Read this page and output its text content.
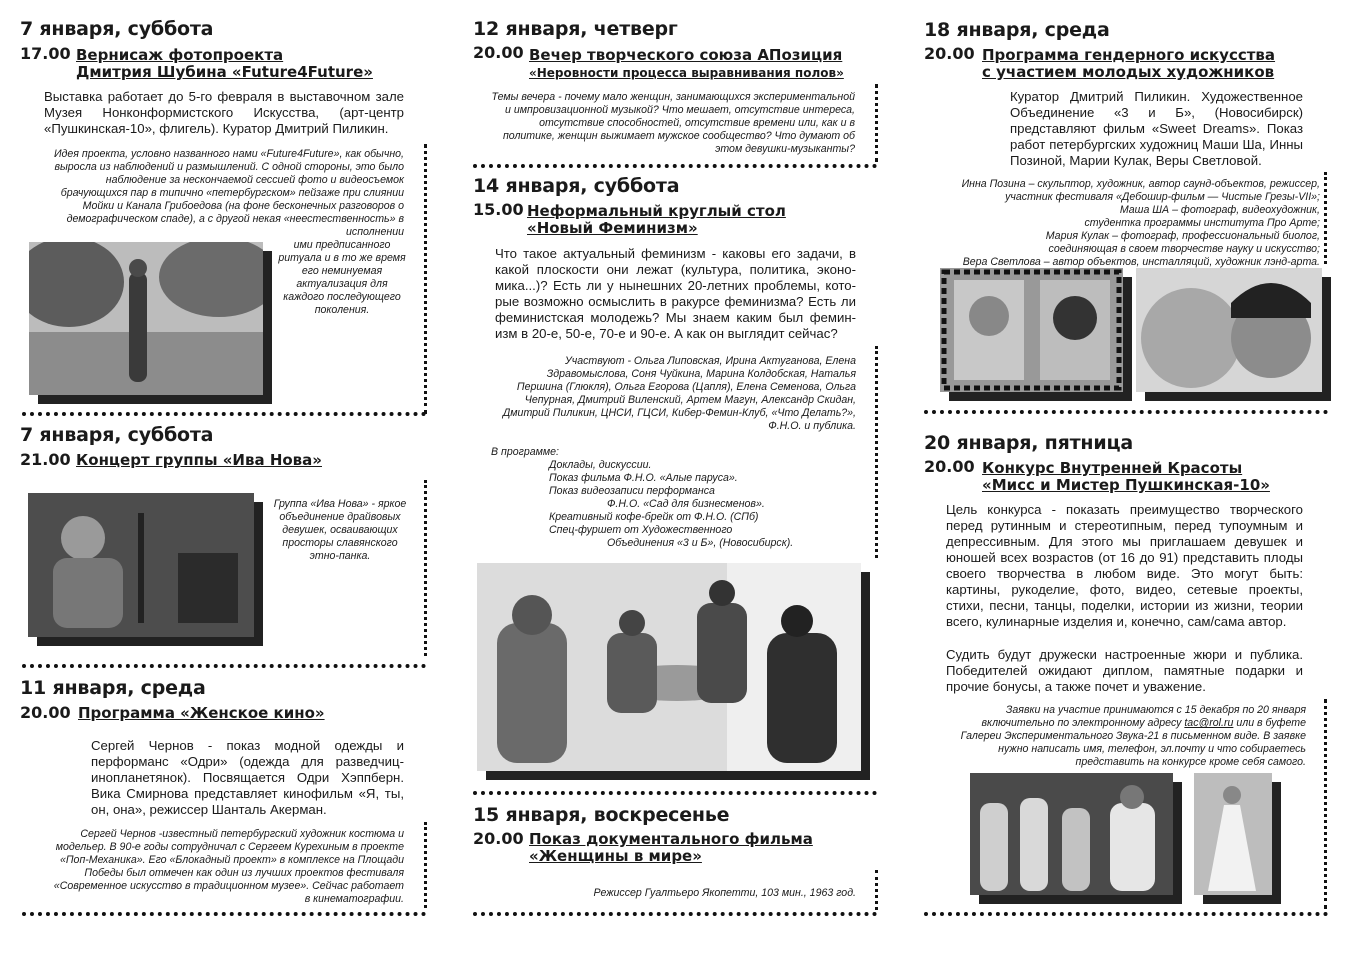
7 января, суббота
17.00 Вернисаж фотопроекта
Дмитрия Шубина «Future4Future»
Выставка работает до 5-го февраля в выставочном зале Музея Нонконформистского Искусства, (арт-центр «Пушкинская-10», флигель). Куратор Дмитрий Пиликин.
Идея проекта, условно названного нами «Future4Future», как обычно, выросла из наблюдений и размышлений. С одной стороны, это было наблюдение за нескончаемой сессией фото и видеосъемок брачующихся пар в типично «петербургском» пейзаже при слиянии Мойки и Канала Грибоедова (на фоне бесконечных разговоров о демографическом спаде), а с другой некая «неестественность» в исполнении
ими предписанного ритуала и в то же время его неминуемая актуализация для каждого последующего поколения.
7 января, суббота
21.00 Концерт группы «Ива Нова»
Группа «Ива Нова» - яркое объединение драйвовых девушек, осваивающих просторы славянского этно-панка.
11 января, среда
20.00 Программа «Женское кино»
Сергей Чернов - показ модной одежды и перформанс «Одри» (одежда для разведчиц-инопланетянок). Посвящается Одри Хэппберн. Вика Смирнова представляет кинофильм «Я, ты, он, она», режиссер Шанталь Акерман.
Сергей Чернов -известный петербургский художник костюма и модельер. В 90-е годы сотрудничал с Сергеем Курехиным в проекте «Поп-Механика». Его «Блокадный проект» в комплексе на Площади Победы был отмечен как один из лучших проектов фестиваля «Современное искусство в традиционном музее». Сейчас работает в кинематографии.
12 января, четверг
20.00 Вечер творческого союза АПозиция
«Неровности процесса выравнивания полов»
Темы вечера - почему мало женщин, занимающихся экспериментальной и импровизационной музыкой? Что мешает, отсутствие интереса, отсутствие способностей, отсутствие времени или, как и в политике, женщин выжимает мужское сообщество? Что думают об этом девушки-музыканты?
14 января, суббота
15.00 Неформальный круглый стол
«Новый Феминизм»
Что такое актуальный феминизм - каковы его задачи, в какой плоскости они лежат (культура, политика, эконо-мика...)? Есть ли у нынешних 20-летних проблемы, кото-рые возможно осмыслить в ракурсе феминизма? Есть ли феминистская молодежь? Мы знаем каким был фемин-изм в 20-е, 50-е, 70-е и 90-е. А как он выглядит сейчас?
Участвуют - Ольга Липовская, Ирина Актуганова, Елена Здравомыслова, Соня Чуйкина, Марина Колдобская, Наталья Першина (Глюкля), Ольга Егорова (Цапля), Елена Семенова, Ольга Чепурная, Дмитрий Виленский, Артем Магун, Александр Скидан, Дмитрий Пиликин, ЦНСИ, ГЦСИ, Кибер-Фемин-Клуб, «Что Делать?», Ф.Н.О. и публика.
В программе:
Доклады, дискуссии.
Показ фильма Ф.Н.О. «Алые паруса».
Показ видеозаписи перформанса
Ф.Н.О. «Сад для бизнесменов».
Креативный кофе-брейк от Ф.Н.О. (СПб)
Спец-фуршет от Художественного
Объединения «3 и Б», (Новосибирск).
15 января, воскресенье
20.00 Показ документального фильма
«Женщины в мире»
Режиссер Гуалтьеро Якопетти, 103 мин., 1963 год.
18 января, среда
20.00 Программа гендерного искусства
с участием молодых художников
Куратор Дмитрий Пиликин. Художественное Объединение «3 и Б», (Новосибирск) представляют фильм «Sweet Dreams». Показ работ петербургских художниц Маши Ша, Инны Позиной, Марии Кулак, Веры Светловой.
Инна Позина – скульптор, художник, автор саунд-объектов, режиссер,
участник фестиваля «Дебошир-фильм — Чистые Грезы-VII»;
Маша ША – фотограф, видеохудожник,
студентка программы института Про Арте;
Мария Кулак – фотограф, профессиональный биолог,
соединяющая в своем творчестве науку и искусство;
Вера Светлова – автор объектов, инсталляций, художник лэнд-арта.
20 января, пятница
20.00 Конкурс Внутренней Красоты
«Мисс и Мистер Пушкинская-10»
Цель конкурса - показать преимущество творческого перед рутинным и стереотипным, перед тупоумным и депрессивным. Для этого мы приглашаем девушек и юношей всех возрастов (от 16 до 91) представить плоды своего творчества в любом виде. Это могут быть: картины, рукоделие, фото, видео, сетевые проекты, стихи, песни, танцы, поделки, истории из жизни, теории всего, кулинарные изделия и, конечно, сам/сама автор.
Судить будут дружески настроенные жюри и публика. Победителей ожидают диплом, памятные подарки и прочие бонусы, а также почет и уважение.
Заявки на участие принимаются с 15 декабря по 20 января включительно по электронному адресу tac@rol.ru или в буфете Галереи Экспериментального Звука-21 в письменном виде. В заявке нужно написать имя, телефон, эл.почту и что собираетесь представить на конкурсе кроме себя самого.
